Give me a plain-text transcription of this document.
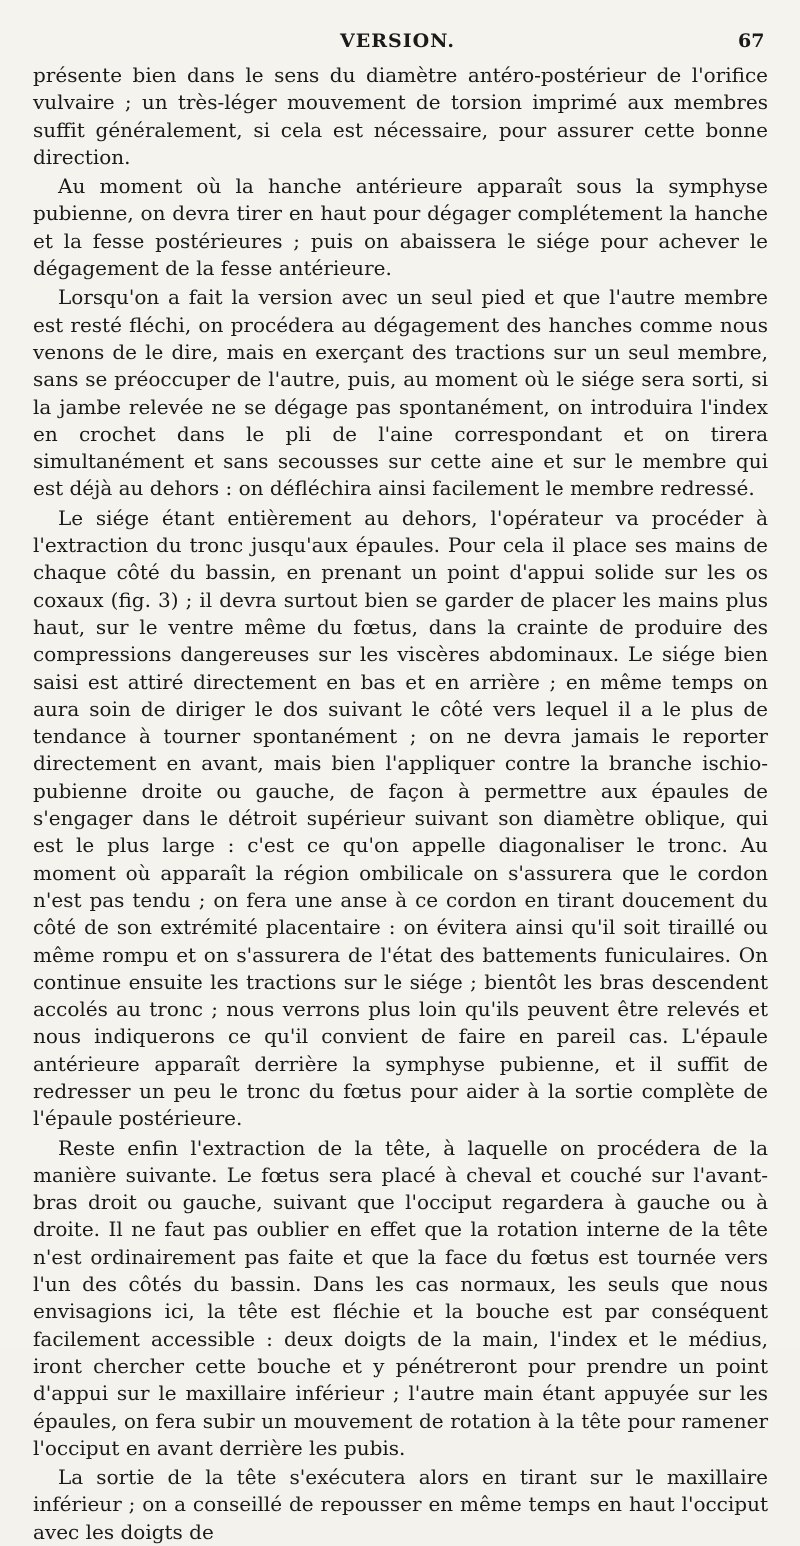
VERSION.	67

présente bien dans le sens du diamètre antéro-postérieur de l'orifice vulvaire ; un très-léger mouvement de torsion imprimé aux membres suffit généralement, si cela est nécessaire, pour assurer cette bonne direction.

Au moment où la hanche antérieure apparaît sous la symphyse pubienne, on devra tirer en haut pour dégager complétement la hanche et la fesse postérieures ; puis on abaissera le siége pour achever le dégagement de la fesse antérieure.

Lorsqu'on a fait la version avec un seul pied et que l'autre membre est resté fléchi, on procédera au dégagement des hanches comme nous venons de le dire, mais en exerçant des tractions sur un seul membre, sans se préoccuper de l'autre, puis, au moment où le siége sera sorti, si la jambe relevée ne se dégage pas spontanément, on introduira l'index en crochet dans le pli de l'aine correspondant et on tirera simultanément et sans secousses sur cette aine et sur le membre qui est déjà au dehors : on défléchira ainsi facilement le membre redressé.

Le siége étant entièrement au dehors, l'opérateur va procéder à l'extraction du tronc jusqu'aux épaules. Pour cela il place ses mains de chaque côté du bassin, en prenant un point d'appui solide sur les os coxaux (fig. 3) ; il devra surtout bien se garder de placer les mains plus haut, sur le ventre même du fœtus, dans la crainte de produire des compressions dangereuses sur les viscères abdominaux. Le siége bien saisi est attiré directement en bas et en arrière ; en même temps on aura soin de diriger le dos suivant le côté vers lequel il a le plus de tendance à tourner spontanément ; on ne devra jamais le reporter directement en avant, mais bien l'appliquer contre la branche ischio-pubienne droite ou gauche, de façon à permettre aux épaules de s'engager dans le détroit supérieur suivant son diamètre oblique, qui est le plus large : c'est ce qu'on appelle diagonaliser le tronc. Au moment où apparaît la région ombilicale on s'assurera que le cordon n'est pas tendu ; on fera une anse à ce cordon en tirant doucement du côté de son extrémité placentaire : on évitera ainsi qu'il soit tiraillé ou même rompu et on s'assurera de l'état des battements funiculaires. On continue ensuite les tractions sur le siége ; bientôt les bras descendent accolés au tronc ; nous verrons plus loin qu'ils peuvent être relevés et nous indiquerons ce qu'il convient de faire en pareil cas. L'épaule antérieure apparaît derrière la symphyse pubienne, et il suffit de redresser un peu le tronc du fœtus pour aider à la sortie complète de l'épaule postérieure.

Reste enfin l'extraction de la tête, à laquelle on procédera de la manière suivante. Le fœtus sera placé à cheval et couché sur l'avant-bras droit ou gauche, suivant que l'occiput regardera à gauche ou à droite. Il ne faut pas oublier en effet que la rotation interne de la tête n'est ordinairement pas faite et que la face du fœtus est tournée vers l'un des côtés du bassin. Dans les cas normaux, les seuls que nous envisagions ici, la tête est fléchie et la bouche est par conséquent facilement accessible : deux doigts de la main, l'index et le médius, iront chercher cette bouche et y pénétreront pour prendre un point d'appui sur le maxillaire inférieur ; l'autre main étant appuyée sur les épaules, on fera subir un mouvement de rotation à la tête pour ramener l'occiput en avant derrière les pubis.

La sortie de la tête s'exécutera alors en tirant sur le maxillaire inférieur ; on a conseillé de repousser en même temps en haut l'occiput avec les doigts de
